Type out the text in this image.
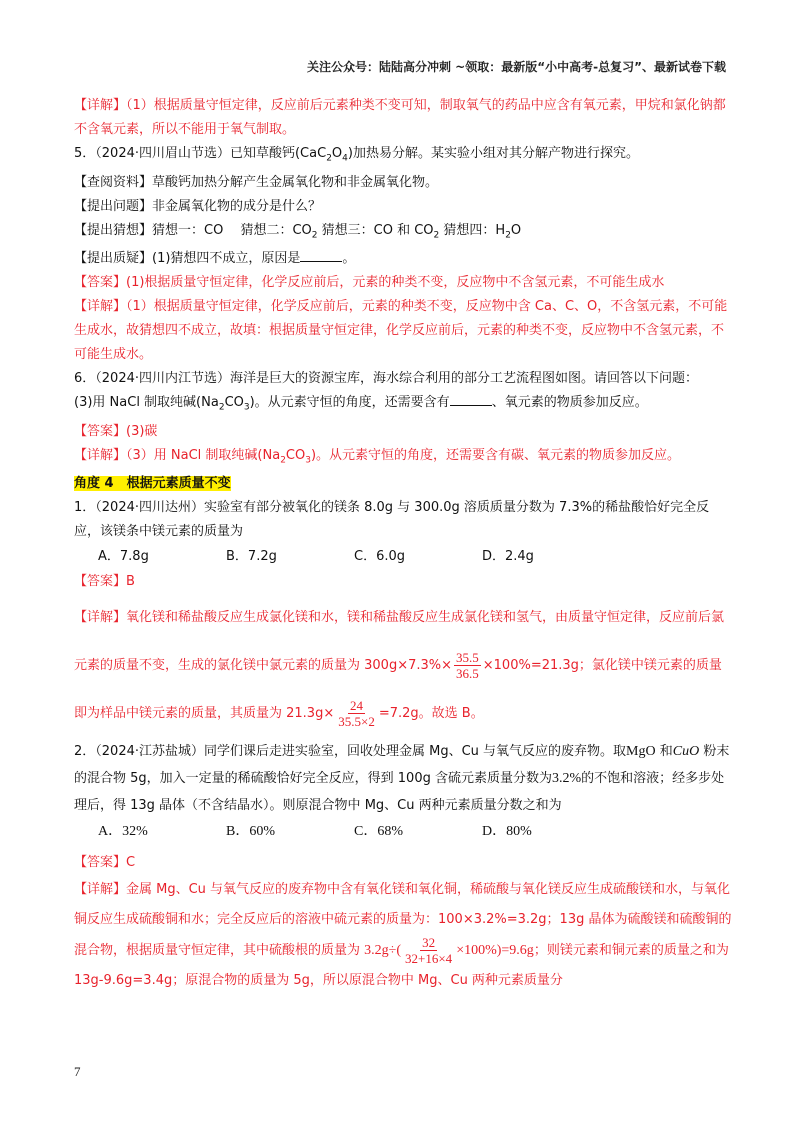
关注公众号：陆陆高分冲刺 ~领取：最新版“小中高考-总复习”、最新试卷下载

【详解】（1）根据质量守恒定律，反应前后元素种类不变可知，制取氧气的药品中应含有氧元素，甲烷和氯化钠都不含氧元素，所以不能用于氧气制取。

5．（2024·四川眉山节选）已知草酸钙$(CaC_2O_4)$加热易分解。某实验小组对其分解产物进行探究。

【查阅资料】草酸钙加热分解产生金属氧化物和非金属氧化物。

【提出问题】非金属氧化物的成分是什么？

【提出猜想】猜想一：CO　 猜想二：$CO_2$ 猜想三：CO 和 $CO_2$ 猜想四：$H_2O$

【提出质疑】(1)猜想四不成立，原因是	。

【答案】(1)根据质量守恒定律，化学反应前后，元素的种类不变，反应物中不含氢元素，不可能生成水

【详解】（1）根据质量守恒定律，化学反应前后，元素的种类不变，反应物中含 Ca、C、O，不含氢元素，不可能生成水，故猜想四不成立，故填：根据质量守恒定律，化学反应前后，元素的种类不变，反应物中不含氢元素，不可能生成水。

6．（2024·四川内江节选）海洋是巨大的资源宝库，海水综合利用的部分工艺流程图如图。请回答以下问题：

(3)用 NaCl 制取纯碱$(Na_2CO_3)$。从元素守恒的角度，还需要含有	、氧元素的物质参加反应。

【答案】(3)碳

【详解】（3）用 NaCl 制取纯碱$(Na_2CO_3)$。从元素守恒的角度，还需要含有碳、氧元素的物质参加反应。

角度 4　根据元素质量不变

1．（2024·四川达州）实验室有部分被氧化的镁条 8.0g 与 300.0g 溶质质量分数为 7.3%的稀盐酸恰好完全反应，该镁条中镁元素的质量为

A．7.8g	B．7.2g	C．6.0g	D．2.4g

【答案】B

【详解】氧化镁和稀盐酸反应生成氯化镁和水，镁和稀盐酸反应生成氯化镁和氢气，由质量守恒定律，反应前后氯元素的质量不变，生成的氯化镁中氯元素的质量为 $300g\times 7.3\%\times \frac{35.5}{36.5} \times 100\%=21.3g$；氯化镁中镁元素的质量即为样品中镁元素的质量，其质量为 $21.3g\times \frac{24}{35.5\times 2} =7.2g$。故选 B。

2．（2024·江苏盐城）同学们课后走进实验室，回收处理金属 Mg、Cu 与氧气反应的废弃物。取MgO 和CuO 粉末的混合物 5g，加入一定量的稀硫酸恰好完全反应，得到 100g 含硫元素质量分数为3.2%的不饱和溶液；经多步处理后，得 13g 晶体（不含结晶水）。则原混合物中 Mg、Cu 两种元素质量分数之和为

A．32%	B．60%	C．68%	D．80%

【答案】C

【详解】金属 Mg、Cu 与氧气反应的废弃物中含有氧化镁和氧化铜，稀硫酸与氧化镁反应生成硫酸镁和水，与氧化铜反应生成硫酸铜和水；完全反应后的溶液中硫元素的质量为：100×3.2%=3.2g；13g 晶体为硫酸镁和硫酸铜的混合物，根据质量守恒定律，其中硫酸根的质量为 $3.2g\div( \frac{32}{32+16\times 4} \times 100\%)=9.6g$；则镁元素和铜元素的质量之和为 13g-9.6g=3.4g；原混合物的质量为 5g，所以原混合物中 Mg、Cu 两种元素质量分

7
